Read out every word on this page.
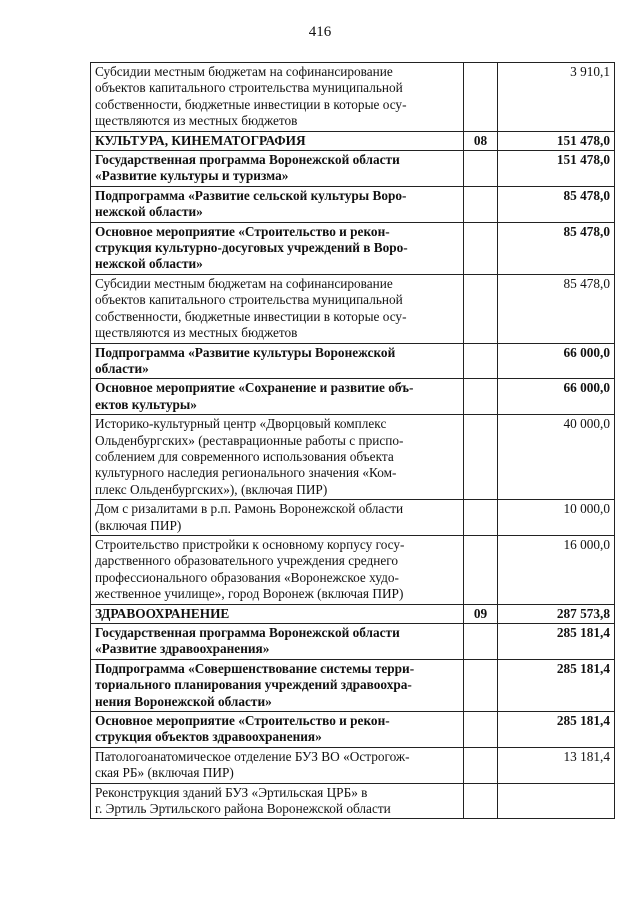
416
Субсидии местным бюджетам на софинансирование
объектов капитального строительства муниципальной
собственности, бюджетные инвестиции в которые осу-
ществляются из местных бюджетов		3 910,1

КУЛЬТУРА, КИНЕМАТОГРАФИЯ	08	151 478,0

Государственная программа Воронежской области
«Развитие культуры и туризма»		151 478,0

Подпрограмма «Развитие сельской культуры Воро-
нежской области»		85 478,0

Основное мероприятие «Строительство и рекон-
струкция культурно-досуговых учреждений в Воро-
нежской области»		85 478,0

Субсидии местным бюджетам на софинансирование
объектов капитального строительства муниципальной
собственности, бюджетные инвестиции в которые осу-
ществляются из местных бюджетов		85 478,0

Подпрограмма «Развитие культуры Воронежской
области»		66 000,0

Основное мероприятие «Сохранение и развитие объ-
ектов культуры»		66 000,0

Историко-культурный центр «Дворцовый комплекс
Ольденбургских» (реставрационные работы с приспо-
соблением для современного использования объекта
культурного наследия регионального значения «Ком-
плекс Ольденбургских»), (включая ПИР)		40 000,0

Дом с ризалитами в р.п. Рамонь Воронежской области
(включая ПИР)		10 000,0

Строительство пристройки к основному корпусу госу-
дарственного образовательного учреждения среднего
профессионального образования «Воронежское худо-
жественное училище», город Воронеж (включая ПИР)		16 000,0

ЗДРАВООХРАНЕНИЕ	09	287 573,8

Государственная программа Воронежской области
«Развитие здравоохранения»		285 181,4

Подпрограмма «Совершенствование системы терри-
ториального планирования учреждений здравоохра-
нения Воронежской области»		285 181,4

Основное мероприятие «Строительство и рекон-
струкция объектов здравоохранения»		285 181,4

Патологоанатомическое отделение БУЗ ВО «Острогож-
ская РБ» (включая ПИР)		13 181,4

Реконструкция зданий БУЗ «Эртильская ЦРБ» в
г. Эртиль Эртильского района Воронежской области		
